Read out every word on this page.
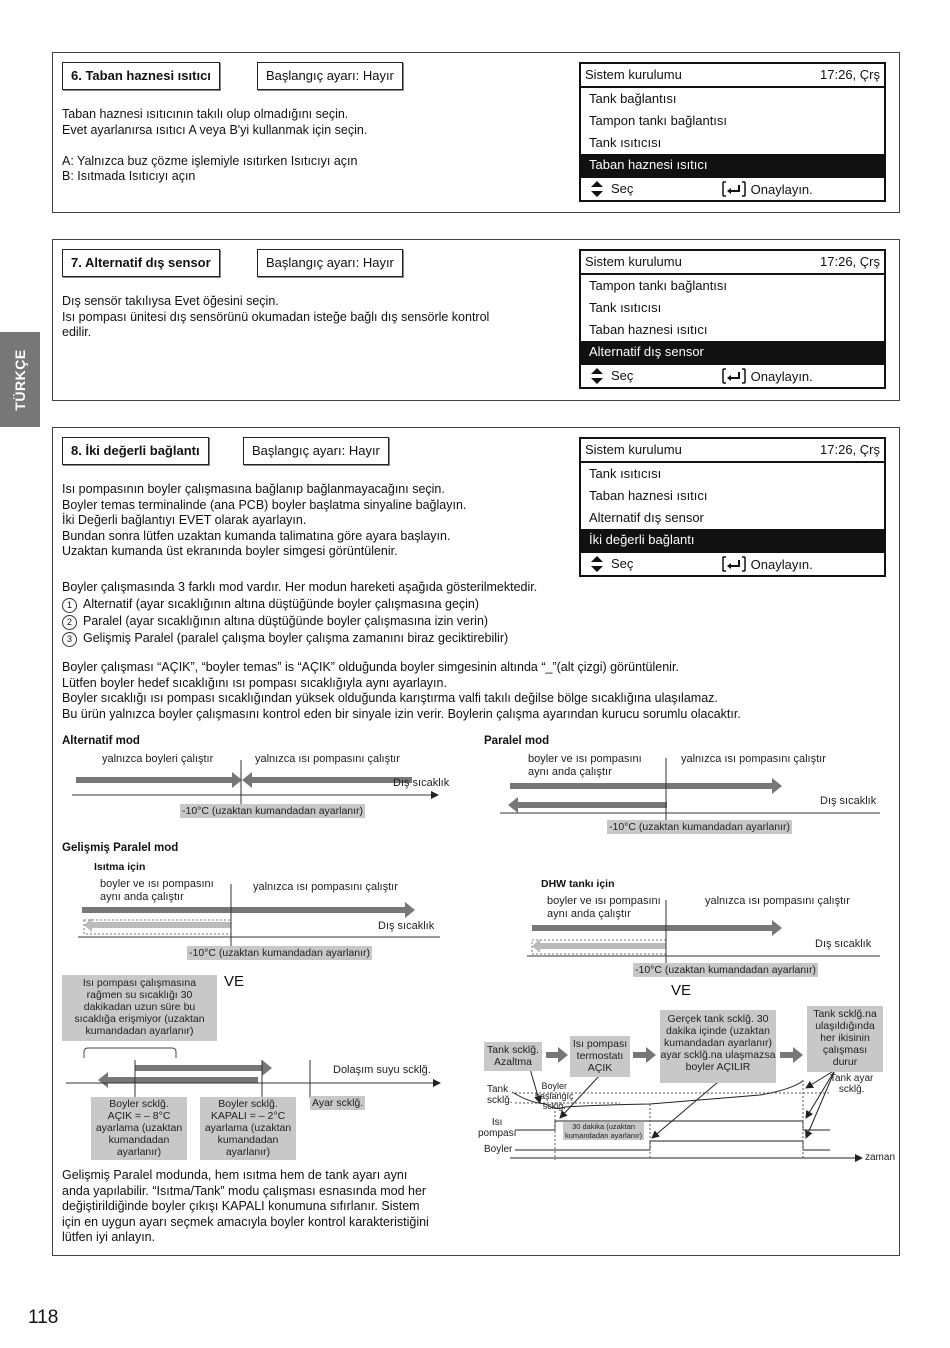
TÜRKÇE
6. Taban haznesi ısıtıcı	Başlangıç ayarı: Hayır
Taban haznesi ısıtıcının takılı olup olmadığını seçin.
Evet ayarlanırsa ısıtıcı A veya B'yi kullanmak için seçin.

A: Yalnızca buz çözme işlemiyle ısıtırken Isıtıcıyı açın
B: Isıtmada Isıtıcıyı açın
Sistem kurulumu	17:26, Çrş
Tank bağlantısı
Tampon tankı bağlantısı
Tank ısıtıcısı
Taban haznesi ısıtıcı
Seç	Onaylayın.
7. Alternatif dış sensor	Başlangıç ayarı: Hayır
Dış sensör takılıysa Evet öğesini seçin.
Isı pompası ünitesi dış sensörünü okumadan isteğe bağlı dış sensörle kontrol
edilir.
Sistem kurulumu	17:26, Çrş
Tampon tankı bağlantısı
Tank ısıtıcısı
Taban haznesi ısıtıcı
Alternatif dış sensor
Seç	Onaylayın.
8. İki değerli bağlantı	Başlangıç ayarı: Hayır
Isı pompasının boyler çalışmasına bağlanıp bağlanmayacağını seçin.
Boyler temas terminalinde (ana PCB) boyler başlatma sinyaline bağlayın.
İki Değerli bağlantıyı EVET olarak ayarlayın.
Bundan sonra lütfen uzaktan kumanda talimatına göre ayara başlayın.
Uzaktan kumanda üst ekranında boyler simgesi görüntülenir.
Sistem kurulumu	17:26, Çrş
Tank ısıtıcısı
Taban haznesi ısıtıcı
Alternatif dış sensor
İki değerli bağlantı
Seç	Onaylayın.
Boyler çalışmasında 3 farklı mod vardır. Her modun hareketi aşağıda gösterilmektedir.
1 Alternatif (ayar sıcaklığının altına düştüğünde boyler çalışmasına geçin)
2 Paralel (ayar sıcaklığının altına düştüğünde boyler çalışmasına izin verin)
3 Gelişmiş Paralel (paralel çalışma boyler çalışma zamanını biraz geciktirebilir)
Boyler çalışması “AÇIK”, “boyler temas” is “AÇIK” olduğunda boyler simgesinin altında “_”(alt çizgi) görüntülenir.
Lütfen boyler hedef sıcaklığını ısı pompası sıcaklığıyla aynı ayarlayın.
Boyler sıcaklığı ısı pompası sıcaklığından yüksek olduğunda karıştırma valfi takılı değilse bölge sıcaklığına ulaşılamaz.
Bu ürün yalnızca boyler çalışmasını kontrol eden bir sinyale izin verir. Boylerin çalışma ayarından kurucu sorumlu olacaktır.
Alternatif mod
yalnızca boyleri çalıştır	yalnızca ısı pompasını çalıştır
Dış sıcaklık
-10°C (uzaktan kumandadan ayarlanır)
Paralel mod
boyler ve ısı pompasını
aynı anda çalıştır
yalnızca ısı pompasını çalıştır
Dış sıcaklık
-10°C (uzaktan kumandadan ayarlanır)
Gelişmiş Paralel mod
Isıtma için
boyler ve ısı pompasını
aynı anda çalıştır
yalnızca ısı pompasını çalıştır
Dış sıcaklık
-10°C (uzaktan kumandadan ayarlanır)
Isı pompası çalışmasına
rağmen su sıcaklığı 30
dakikadan uzun süre bu
sıcaklığa erişmiyor (uzaktan
kumandadan ayarlanır)
VE
Dolaşım suyu scklğ.
Boyler scklğ.
AÇIK = – 8°C
ayarlama (uzaktan
kumandadan
ayarlanır)
Boyler scklğ.
KAPALI = – 2°C
ayarlama (uzaktan
kumandadan
ayarlanır)
Ayar scklğ.
DHW tankı için
boyler ve ısı pompasını
aynı anda çalıştır
yalnızca ısı pompasını çalıştır
Dış sıcaklık
-10°C (uzaktan kumandadan ayarlanır)
VE
Tank scklğ.
Azaltma
Isı pompası
termostatı
AÇIK
Gerçek tank scklğ. 30
dakika içinde (uzaktan
kumandadan ayarlanır)
ayar scklğ.na ulaşmazsa
boyler AÇILIR
Tank scklğ.na
ulaşıldığında
her ikisinin
çalışması
durur
Tank
scklğ.
Boyler
başlangıç
scklğ.
Tank ayar
scklğ.
Isı
pompası
Boyler
30 dakika (uzaktan
kumandadan ayarlanır)
zaman
Gelişmiş Paralel modunda, hem ısıtma hem de tank ayarı aynı
anda yapılabilir. “Isıtma/Tank” modu çalışması esnasında mod her
değiştirildiğinde boyler çıkışı KAPALI konumuna sıfırlanır. Sistem
için en uygun ayarı seçmek amacıyla boyler kontrol karakteristiğini
lütfen iyi anlayın.
118
